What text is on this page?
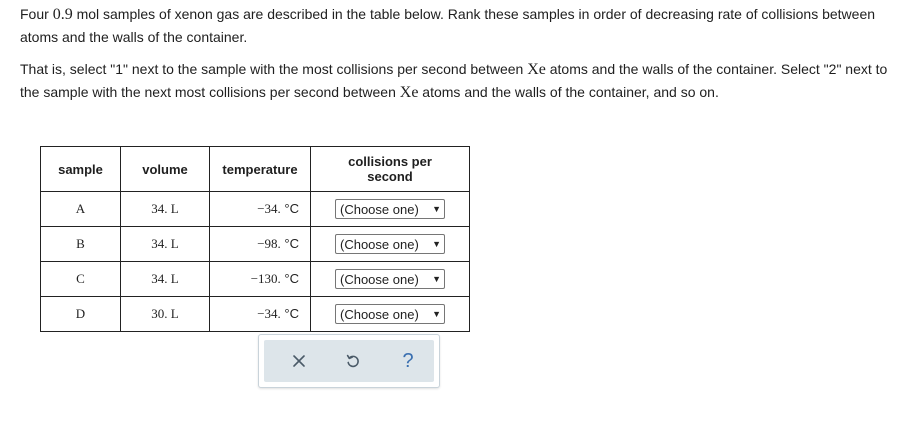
Four 0.9 mol samples of xenon gas are described in the table below. Rank these samples in order of decreasing rate of collisions between atoms and the walls of the container.
That is, select "1" next to the sample with the most collisions per second between Xe atoms and the walls of the container. Select "2" next to the sample with the next most collisions per second between Xe atoms and the walls of the container, and so on.
sample	volume	temperature	collisions per second
A	34. L	−34. °C	(Choose one) ▼

B	34. L	−98. °C	(Choose one) ▼

C	34. L	−130. °C	(Choose one) ▼

D	30. L	−34. °C	(Choose one) ▼
?
